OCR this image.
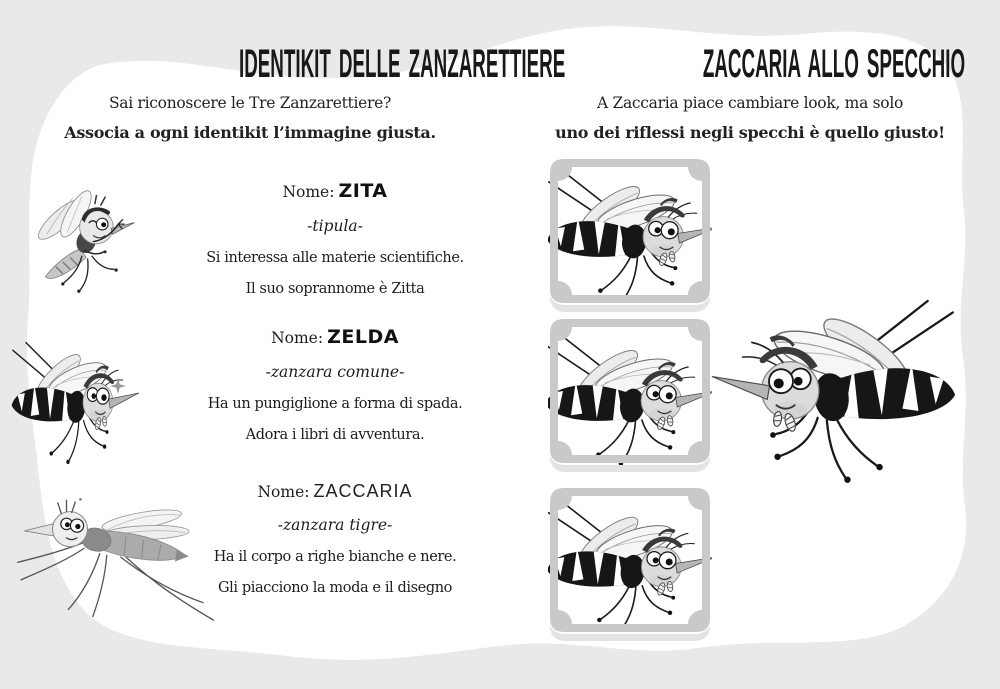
IDENTIKIT DELLE ZANZARETTIERE

Sai riconoscere le Tre Zanzarettiere?

Associa a ogni identikit l’immagine giusta.

Nome: ZITA

-tipula-

Si interessa alle materie scientifiche.

Il suo soprannome è Zitta

Nome: ZELDA

-zanzara comune-

Ha un pungiglione a forma di spada.

Adora i libri di avventura.

Nome: ZACCARIA

-zanzara tigre-

Ha il corpo a righe bianche e nere.

Gli piacciono la moda e il disegno

ZACCARIA ALLO SPECCHIO

A Zaccaria piace cambiare look, ma solo

uno dei riflessi negli specchi è quello giusto!
